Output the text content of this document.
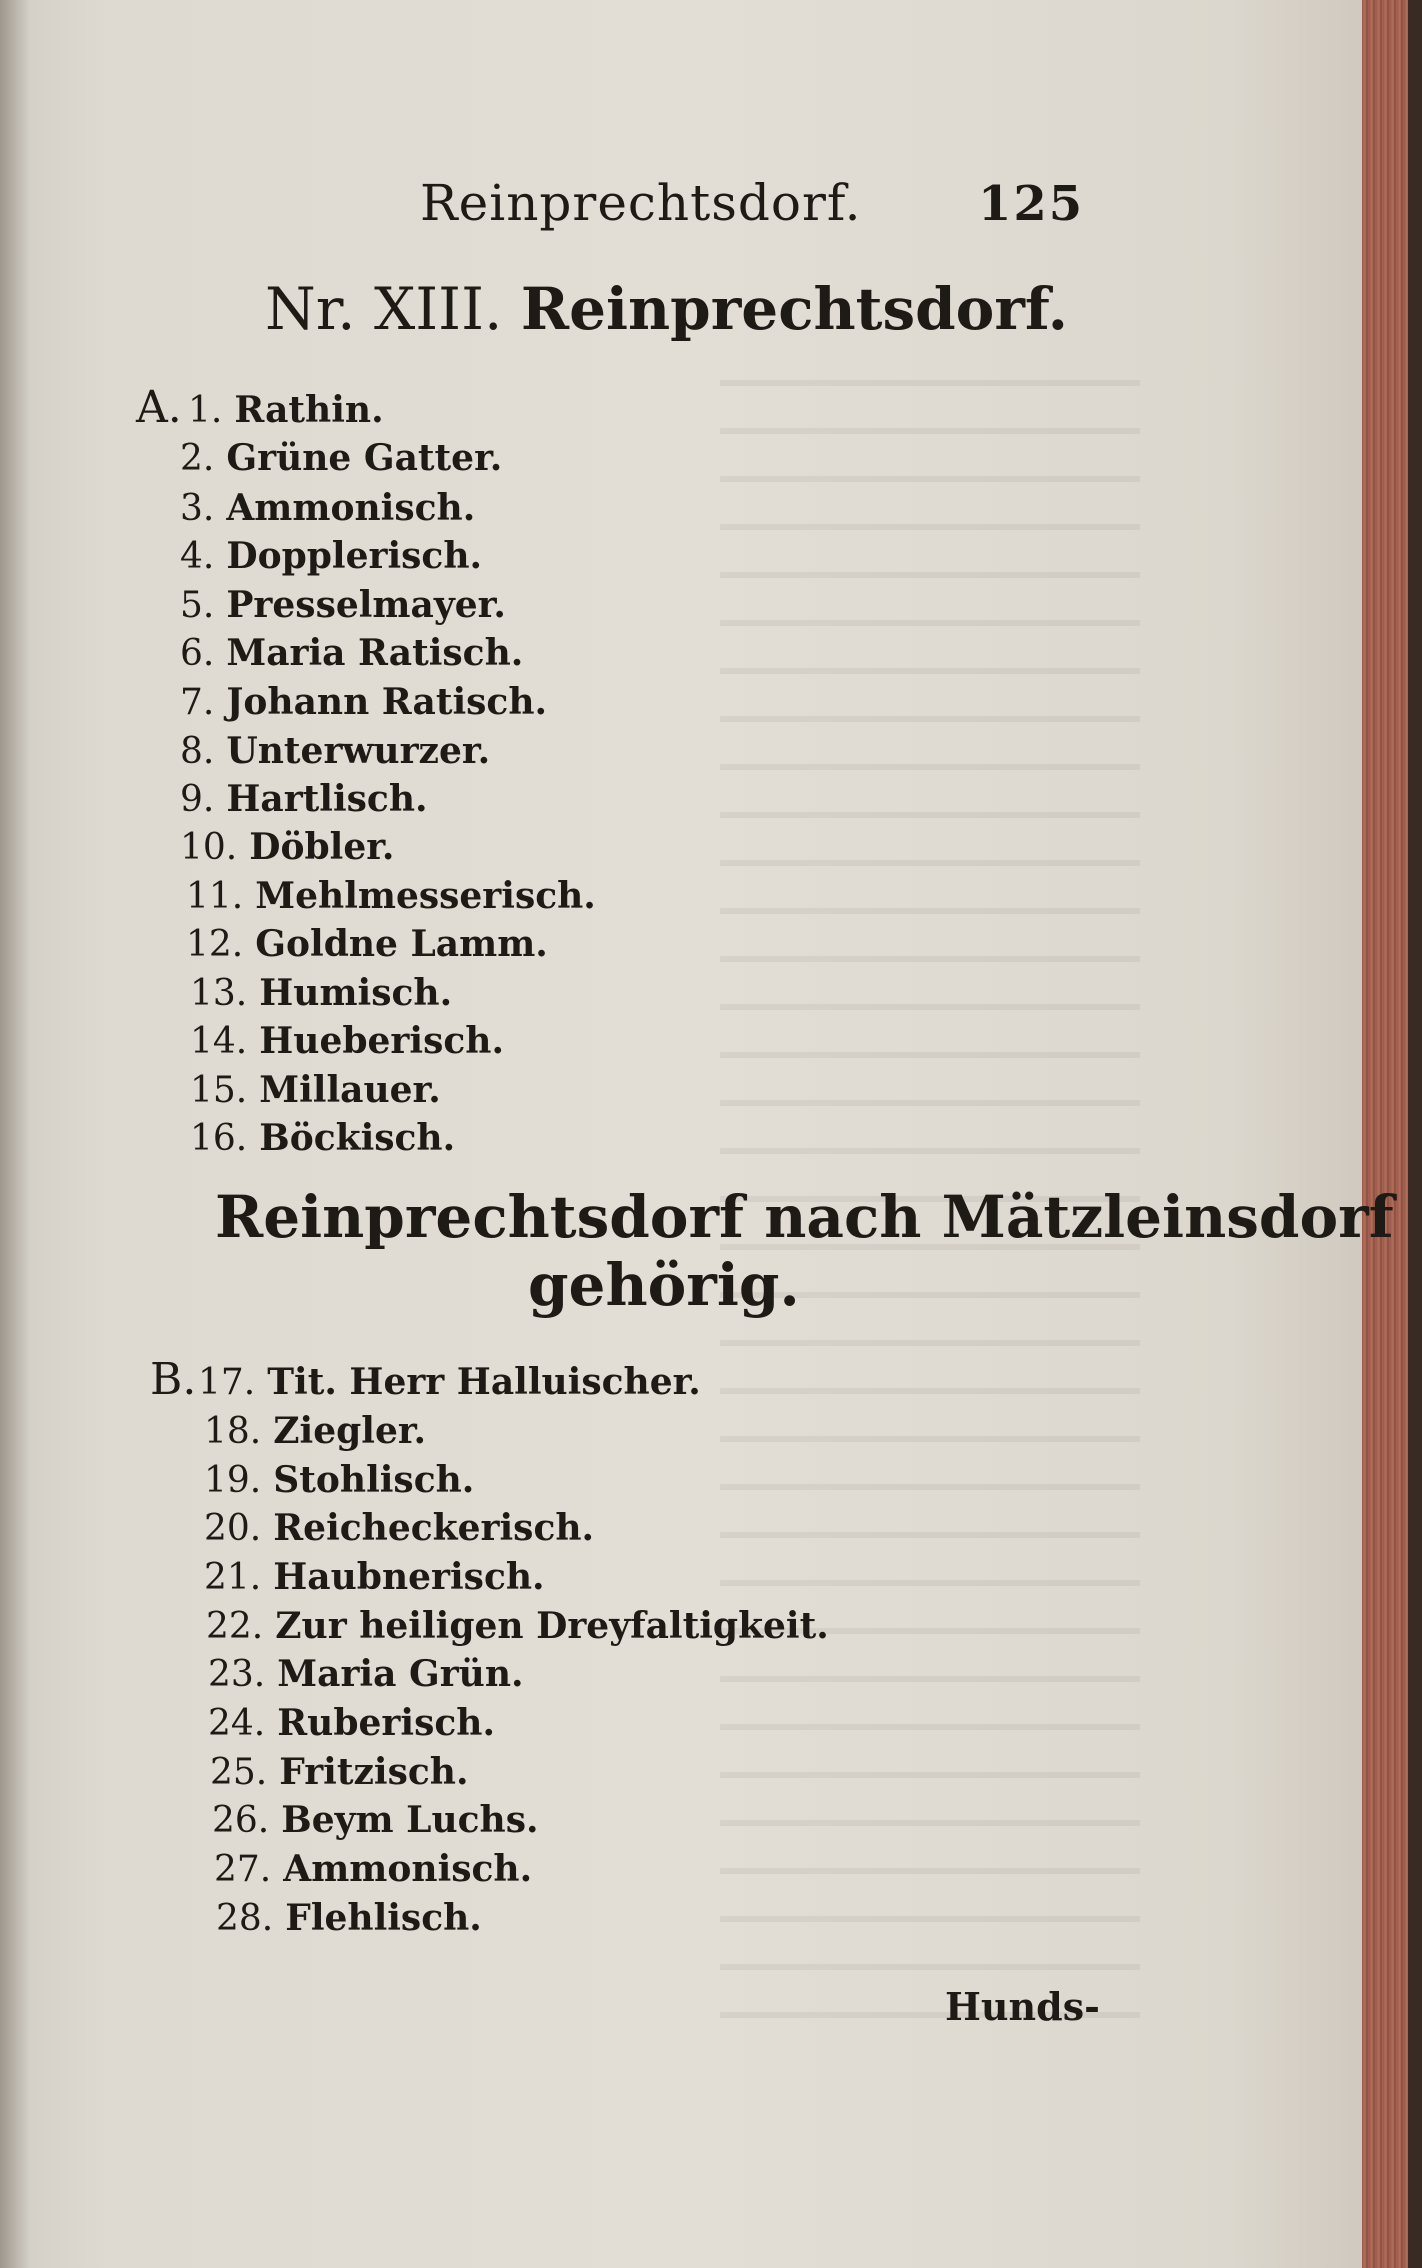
Reinprechtsdorf. 125
Nr. XIII. Reinprechtsdorf.
A. 1. Rathin.
2. Grüne Gatter.
3. Ammonisch.
4. Dopplerisch.
5. Presselmayer.
6. Maria Ratisch.
7. Johann Ratisch.
8. Unterwurzer.
9. Hartlisch.
10. Döbler.
11. Mehlmesserisch.
12. Goldne Lamm.
13. Humisch.
14. Hueberisch.
15. Millauer.
16. Böckisch.
Reinprechtsdorf nach Mätzleinsdorf
gehörig.
B. 17. Tit. Herr Halluischer.
18. Ziegler.
19. Stohlisch.
20. Reicheckerisch.
21. Haubnerisch.
22. Zur heiligen Dreyfaltigkeit.
23. Maria Grün.
24. Ruberisch.
25. Fritzisch.
26. Beym Luchs.
27. Ammonisch.
28. Flehlisch.
Hunds-
